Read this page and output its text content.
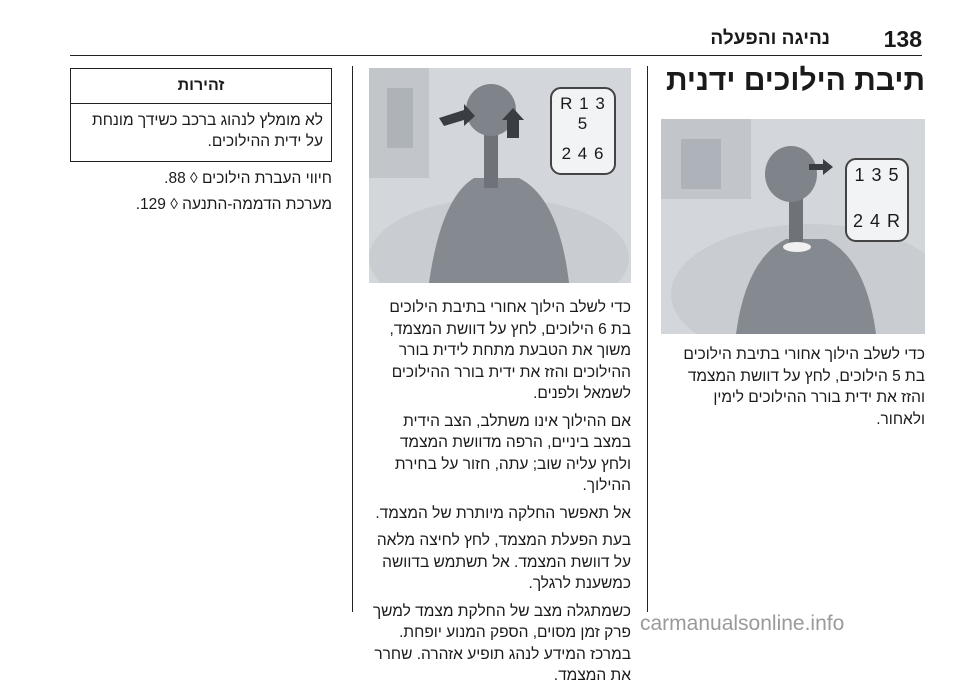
138
נהיגה והפעלה
תיבת הילוכים ידנית
1 3 5
2 4 R

כדי לשלב הילוך אחורי בתיבת הילוכים בת 5 הילוכים, לחץ על דוושת המצמד והזז את ידית בורר ההילוכים לימין ולאחור.

R 1 3 5
2 4 6

כדי לשלב הילוך אחורי בתיבת הילוכים בת 6 הילוכים, לחץ על דוושת המצמד, משוך את הטבעת מתחת לידית בורר ההילוכים והזז את ידית בורר ההילוכים לשמאל ולפנים.

אם ההילוך אינו משתלב, הצב הידית במצב ביניים, הרפה מדוושת המצמד ולחץ עליה שוב; עתה, חזור על בחירת ההילוך.

אל תאפשר החלקה מיותרת של המצמד.

בעת הפעלת המצמד, לחץ לחיצה מלאה על דוושת המצמד. אל תשתמש בדוושה כמשענת לרגלך.

כשמתגלה מצב של החלקת מצמד למשך פרק זמן מסוים, הספק המנוע יופחת. במרכז המידע לנהג תופיע אזהרה. שחרר את המצמד.

זהירות
לא מומלץ לנהוג ברכב כשידך מונחת על ידית ההילוכים.

חיווי העברת הילוכים ◊ 88.

מערכת הדממה-התנעה ◊ 129.

carmanualsonline.info
